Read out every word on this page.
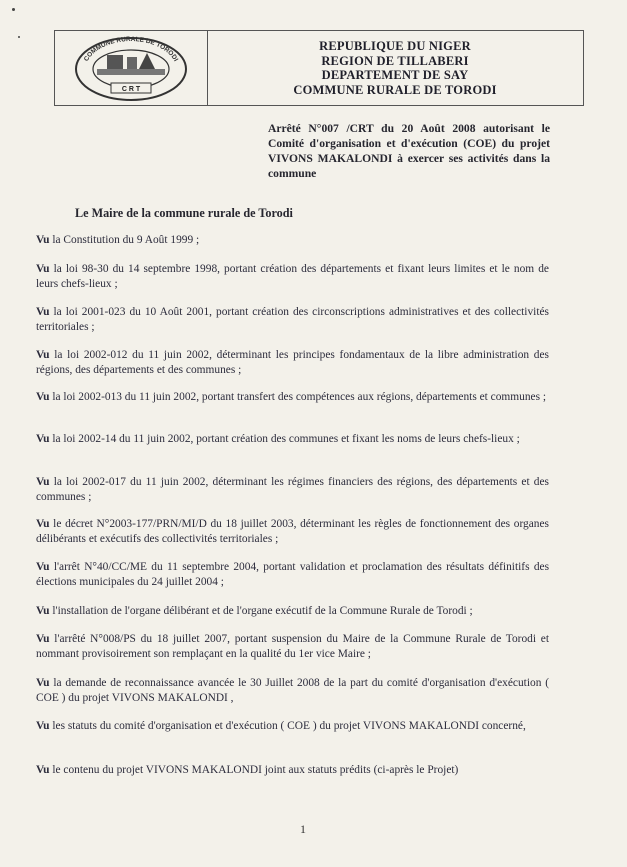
COMMUNE RURALE DE TORODI
C R T
REPUBLIQUE DU NIGER
REGION DE TILLABERI
DEPARTEMENT DE SAY
COMMUNE RURALE DE TORODI
Arrêté N°007 /CRT du 20 Août 2008 autorisant le Comité d'organisation et d'exécution (COE) du projet VIVONS MAKALONDI à exercer ses activités dans la commune
Le Maire de la commune rurale de Torodi
Vu la Constitution du 9 Août 1999 ;
Vu la loi 98-30 du 14 septembre 1998, portant création des départements et fixant leurs limites et le nom de leurs chefs-lieux ;
Vu la loi 2001-023 du 10 Août 2001, portant création des circonscriptions administratives et des collectivités territoriales ;
Vu la loi 2002-012 du 11 juin 2002, déterminant les principes fondamentaux de la libre administration des régions, des départements et des communes ;
Vu la loi 2002-013 du 11 juin 2002, portant transfert des compétences aux régions, départements et communes ;
Vu la loi 2002-14 du 11 juin 2002, portant création des communes et fixant les noms de leurs chefs-lieux ;
Vu la loi 2002-017 du 11 juin 2002, déterminant les régimes financiers des régions, des départements et des communes ;
Vu le décret N°2003-177/PRN/MI/D du 18 juillet 2003, déterminant les règles de fonctionnement des organes délibérants et exécutifs des collectivités territoriales ;
Vu l'arrêt N°40/CC/ME du 11 septembre 2004, portant validation et proclamation des résultats définitifs des élections municipales du 24 juillet 2004 ;
Vu l'installation de l'organe délibérant et de l'organe exécutif de la Commune Rurale de Torodi ;
Vu l'arrêté N°008/PS du 18 juillet 2007, portant suspension du Maire de la Commune Rurale de Torodi et nommant provisoirement son remplaçant en la qualité du 1er vice Maire ;
Vu la demande de reconnaissance avancée le 30 Juillet 2008 de la part du comité d'organisation d'exécution ( COE ) du projet VIVONS MAKALONDI ,
Vu les statuts du comité d'organisation et d'exécution ( COE ) du projet VIVONS MAKALONDI concerné,
Vu le contenu du projet VIVONS MAKALONDI joint aux statuts prédits (ci-après le Projet)
1
